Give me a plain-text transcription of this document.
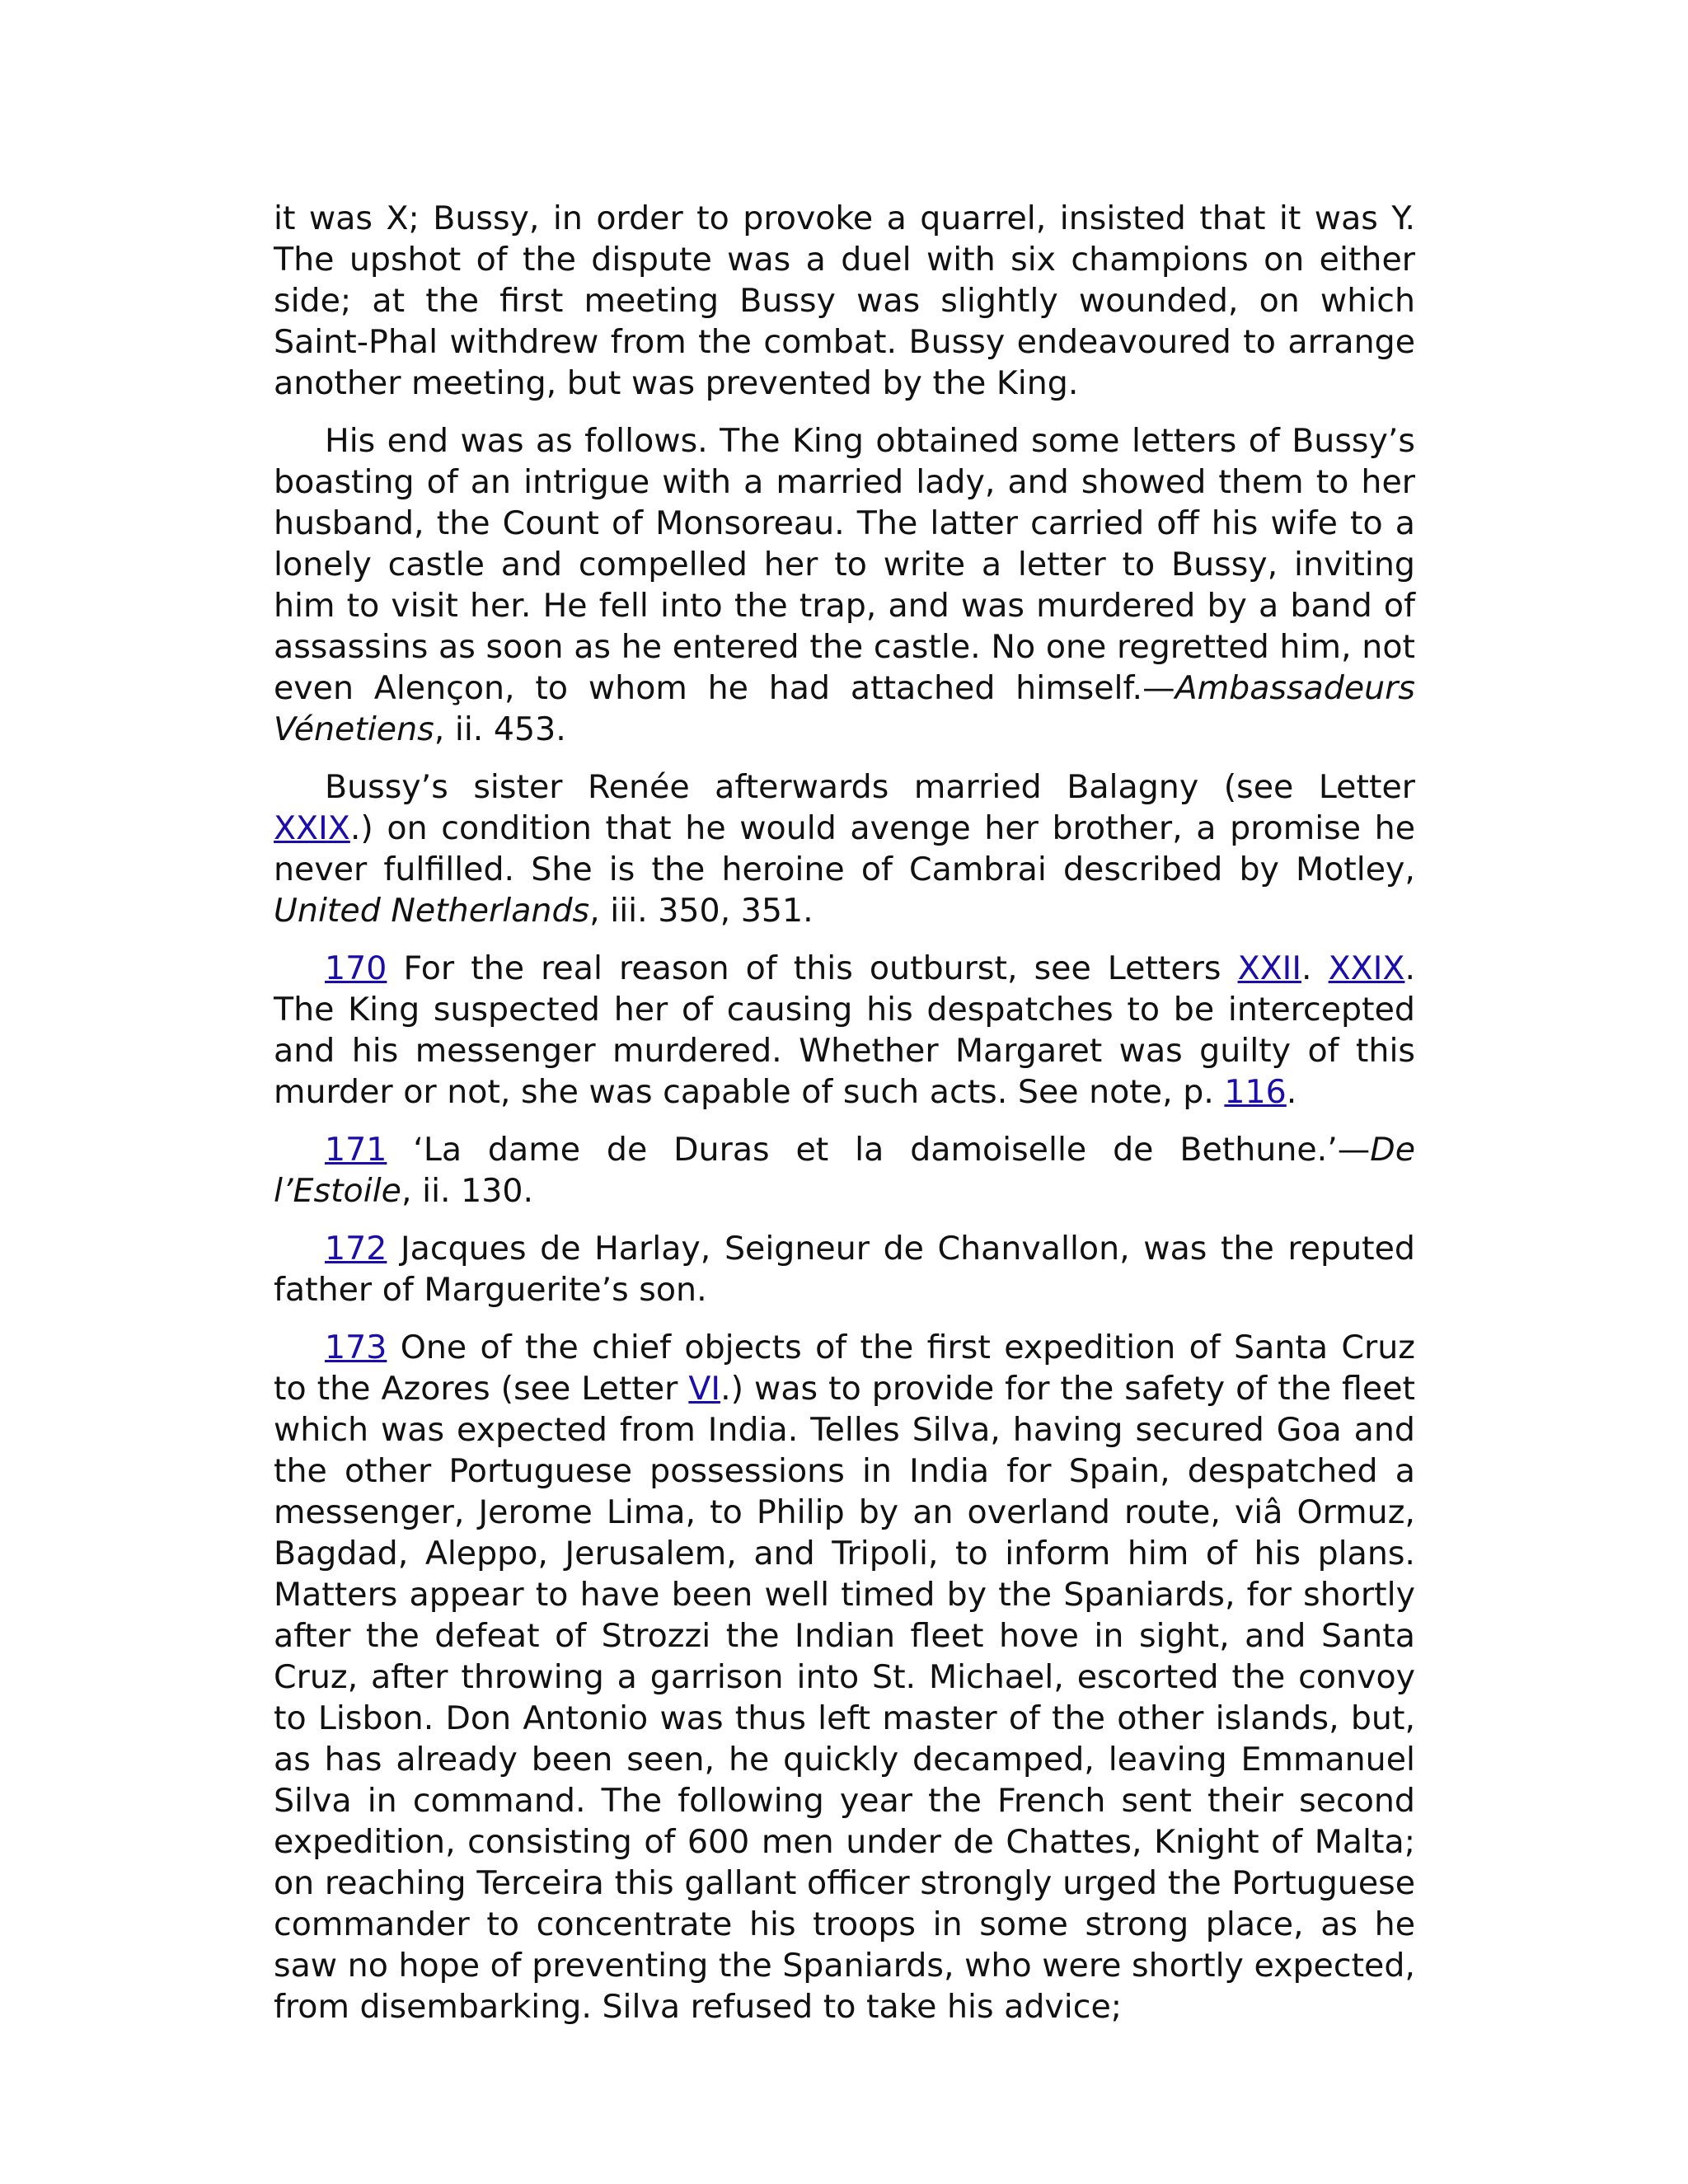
it was X; Bussy, in order to provoke a quarrel, insisted that it was Y. The upshot of the dispute was a duel with six champions on either side; at the first meeting Bussy was slightly wounded, on which Saint-Phal withdrew from the combat. Bussy endeavoured to arrange another meeting, but was prevented by the King.

His end was as follows. The King obtained some letters of Bussy’s boasting of an intrigue with a married lady, and showed them to her husband, the Count of Monsoreau. The latter carried off his wife to a lonely castle and compelled her to write a letter to Bussy, inviting him to visit her. He fell into the trap, and was murdered by a band of assassins as soon as he entered the castle. No one regretted him, not even Alençon, to whom he had attached himself.—Ambassadeurs Vénetiens, ii. 453.

Bussy’s sister Renée afterwards married Balagny (see Letter XXIX.) on condition that he would avenge her brother, a promise he never fulfilled. She is the heroine of Cambrai described by Motley, United Netherlands, iii. 350, 351.

170 For the real reason of this outburst, see Letters XXII. XXIX. The King suspected her of causing his despatches to be intercepted and his messenger murdered. Whether Margaret was guilty of this murder or not, she was capable of such acts. See note, p. 116.

171 ‘La dame de Duras et la damoiselle de Bethune.’—De l’Estoile, ii. 130.

172 Jacques de Harlay, Seigneur de Chanvallon, was the reputed father of Marguerite’s son.

173 One of the chief objects of the first expedition of Santa Cruz to the Azores (see Letter VI.) was to provide for the safety of the fleet which was expected from India. Telles Silva, having secured Goa and the other Portuguese possessions in India for Spain, despatched a messenger, Jerome Lima, to Philip by an overland route, viâ Ormuz, Bagdad, Aleppo, Jerusalem, and Tripoli, to inform him of his plans. Matters appear to have been well timed by the Spaniards, for shortly after the defeat of Strozzi the Indian fleet hove in sight, and Santa Cruz, after throwing a garrison into St. Michael, escorted the convoy to Lisbon. Don Antonio was thus left master of the other islands, but, as has already been seen, he quickly decamped, leaving Emmanuel Silva in command. The following year the French sent their second expedition, consisting of 600 men under de Chattes, Knight of Malta; on reaching Terceira this gallant officer strongly urged the Portuguese commander to concentrate his troops in some strong place, as he saw no hope of preventing the Spaniards, who were shortly expected, from disembarking. Silva refused to take his advice;
